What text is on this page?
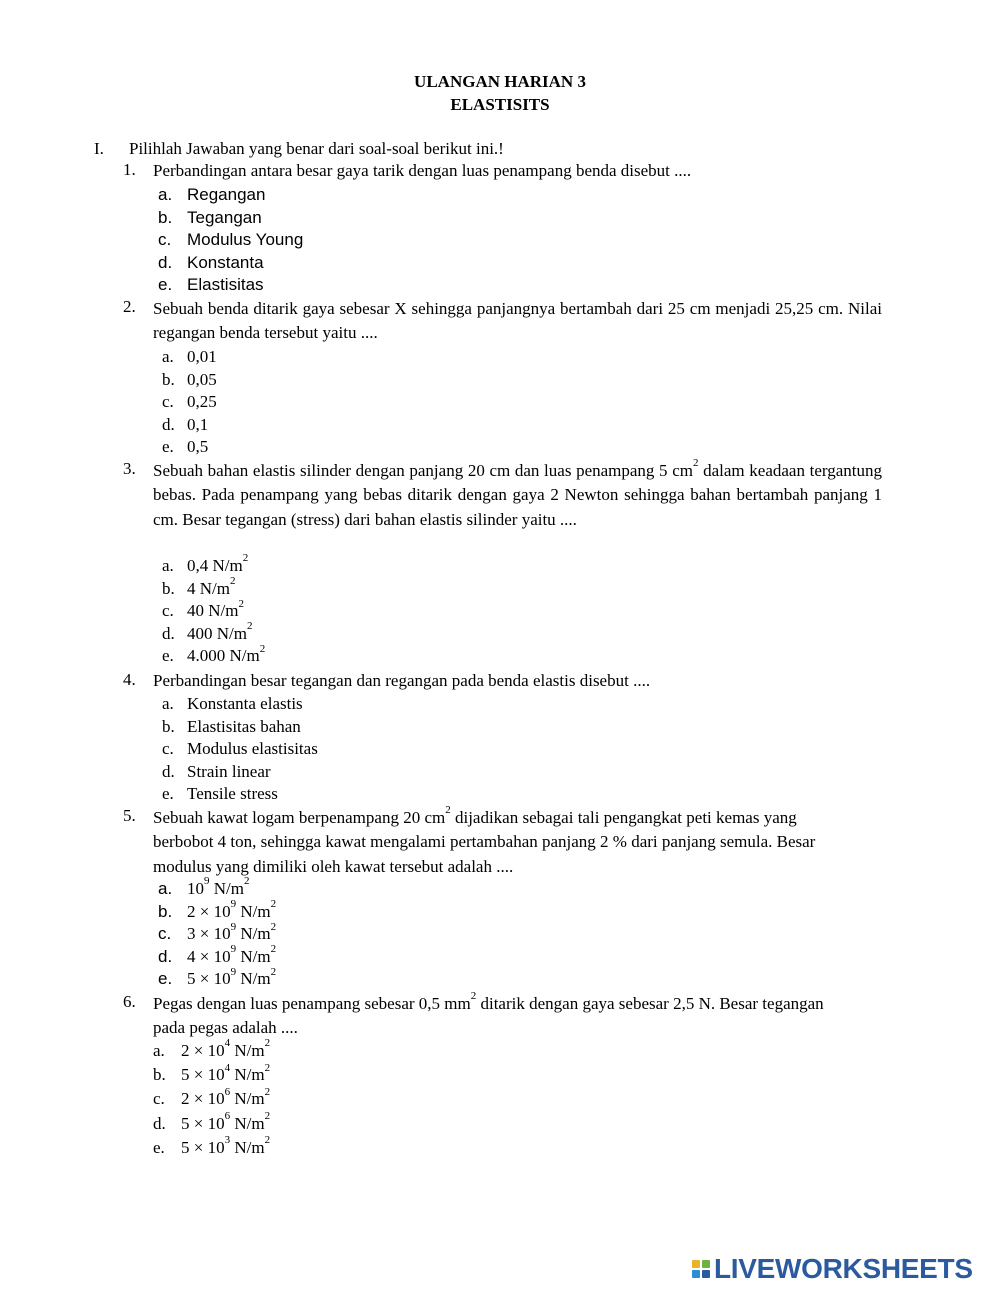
ULANGAN HARIAN 3
ELASTISITS
I. Pilihlah Jawaban yang benar dari soal-soal berikut ini.!
1.	Perbandingan antara besar gaya tarik dengan luas penampang benda disebut ....
a. Regangan
b. Tegangan
c. Modulus Young
d. Konstanta
e. Elastisitas
2.	Sebuah benda ditarik gaya sebesar X sehingga panjangnya bertambah dari 25 cm menjadi 25,25 cm. Nilai regangan benda tersebut yaitu ....
a. 0,01
b. 0,05
c. 0,25
d. 0,1
e. 0,5
3.	Sebuah bahan elastis silinder dengan panjang 20 cm dan luas penampang 5 $cm^2$ dalam keadaan tergantung bebas. Pada penampang yang bebas ditarik dengan gaya 2 Newton sehingga bahan bertambah panjang 1 cm. Besar tegangan (stress) dari bahan elastis silinder yaitu ....
a. 0,4 $N/m^2$
b. 4 $N/m^2$
c. 40 $N/m^2$
d. 400 $N/m^2$
e. 4.000 $N/m^2$
4.	Perbandingan besar tegangan dan regangan pada benda elastis disebut ....
a. Konstanta elastis
b. Elastisitas bahan
c. Modulus elastisitas
d. Strain linear
e. Tensile stress
5.	Sebuah kawat logam berpenampang 20 $cm^2$ dijadikan sebagai tali pengangkat peti kemas yang berbobot 4 ton, sehingga kawat mengalami pertambahan panjang 2 % dari panjang semula. Besar modulus yang dimiliki oleh kawat tersebut adalah ....
a. $10^9$ $N/m^2$
b. $2 \times 10^9$ $N/m^2$
c. $3 \times 10^9$ $N/m^2$
d. $4 \times 10^9$ $N/m^2$
e. $5 \times 10^9$ $N/m^2$
6.	Pegas dengan luas penampang sebesar 0,5 $mm^2$ ditarik dengan gaya sebesar 2,5 N. Besar tegangan pada pegas adalah ....
a. $2 \times 10^4$ $N/m^2$
b. $5 \times 10^4$ $N/m^2$
c. $2 \times 10^6$ $N/m^2$
d. $5 \times 10^6$ $N/m^2$
e. $5 \times 10^3$ $N/m^2$
LIVEWORKSHEETS
